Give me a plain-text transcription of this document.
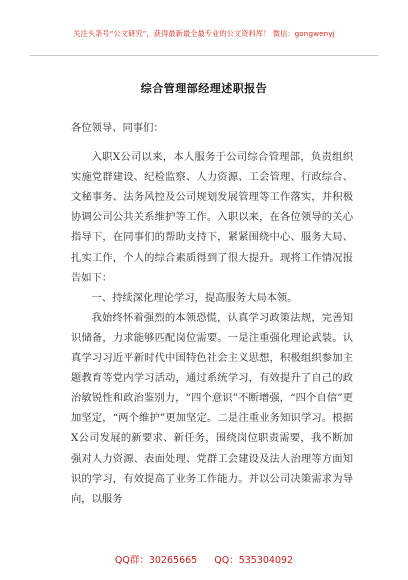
关注头条号“公文研究”，获得最新最全最专业的公文资料库！ 微信：gongwenyj
综合管理部经理述职报告

各位领导、同事们：

入职X公司以来，本人服务于公司综合管理部，负责组织实施党群建设、纪检监察、人力资源、工会管理、行政综合、文秘事务、法务风控及公司规划发展管理等工作落实，并积极协调公司公共关系维护等工作。入职以来，在各位领导的关心指导下，在同事们的帮助支持下，紧紧围绕中心、服务大局、扎实工作，个人的综合素质得到了很大提升。现将工作情况报告如下：

一、持续深化理论学习，提高服务大局本领。

我始终怀着强烈的本领恐慌，认真学习政策法规，完善知识储备，力求能够匹配岗位需要。一是注重强化理论武装。认真学习习近平新时代中国特色社会主义思想，积极组织参加主题教育等党内学习活动，通过系统学习，有效提升了自己的政治敏锐性和政治鉴别力，“四个意识”不断增强，“四个自信”更加坚定，“两个维护”更加坚定。二是注重业务知识学习。根据X公司发展的新要求、新任务，围绕岗位职责需要，我不断加强对人力资源、表面处理、党群工会建设及法人治理等方面知识的学习，有效提高了业务工作能力。并以公司决策需求为导向，以服务

QQ群：30265665 QQ：535304092
